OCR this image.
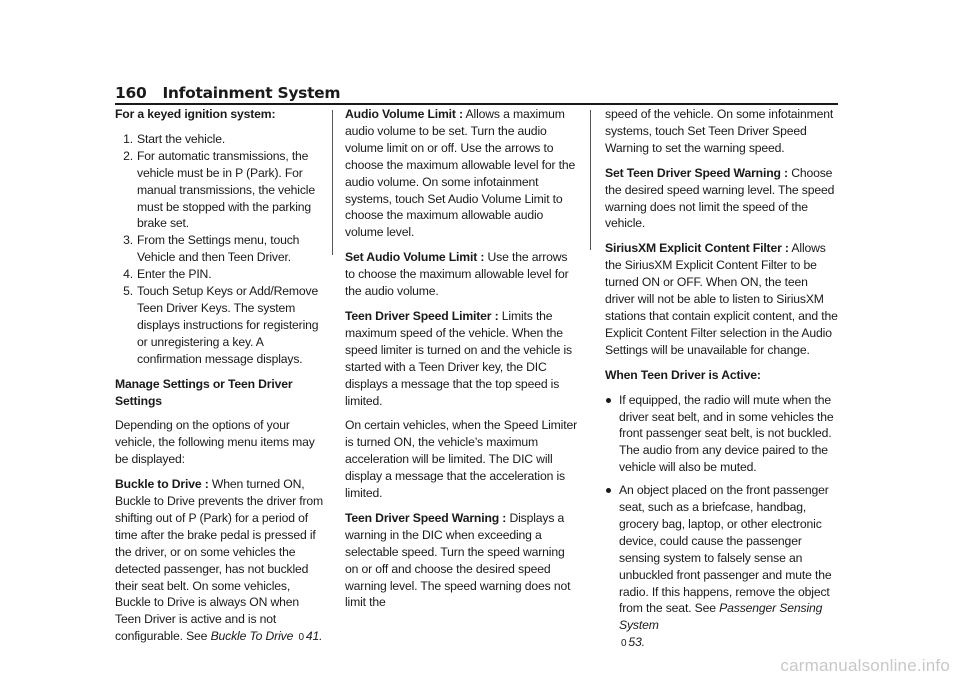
160 Infotainment System

For a keyed ignition system:

1. Start the vehicle.
2. For automatic transmissions, the vehicle must be in P (Park). For manual transmissions, the vehicle must be stopped with the parking brake set.
3. From the Settings menu, touch Vehicle and then Teen Driver.
4. Enter the PIN.
5. Touch Setup Keys or Add/Remove Teen Driver Keys. The system displays instructions for registering or unregistering a key. A confirmation message displays.

Manage Settings or Teen Driver Settings

Depending on the options of your vehicle, the following menu items may be displayed:

Buckle to Drive : When turned ON, Buckle to Drive prevents the driver from shifting out of P (Park) for a period of time after the brake pedal is pressed if the driver, or on some vehicles the detected passenger, has not buckled their seat belt. On some vehicles, Buckle to Drive is always ON when Teen Driver is active and is not configurable. See Buckle To Drive 0 41.

Audio Volume Limit : Allows a maximum audio volume to be set. Turn the audio volume limit on or off. Use the arrows to choose the maximum allowable level for the audio volume. On some infotainment systems, touch Set Audio Volume Limit to choose the maximum allowable audio volume level.

Set Audio Volume Limit : Use the arrows to choose the maximum allowable level for the audio volume.

Teen Driver Speed Limiter : Limits the maximum speed of the vehicle. When the speed limiter is turned on and the vehicle is started with a Teen Driver key, the DIC displays a message that the top speed is limited.

On certain vehicles, when the Speed Limiter is turned ON, the vehicle’s maximum acceleration will be limited. The DIC will display a message that the acceleration is limited.

Teen Driver Speed Warning : Displays a warning in the DIC when exceeding a selectable speed. Turn the speed warning on or off and choose the desired speed warning level. The speed warning does not limit the

speed of the vehicle. On some infotainment systems, touch Set Teen Driver Speed Warning to set the warning speed.

Set Teen Driver Speed Warning : Choose the desired speed warning level. The speed warning does not limit the speed of the vehicle.

SiriusXM Explicit Content Filter : Allows the SiriusXM Explicit Content Filter to be turned ON or OFF. When ON, the teen driver will not be able to listen to SiriusXM stations that contain explicit content, and the Explicit Content Filter selection in the Audio Settings will be unavailable for change.

When Teen Driver is Active:

If equipped, the radio will mute when the driver seat belt, and in some vehicles the front passenger seat belt, is not buckled. The audio from any device paired to the vehicle will also be muted.
An object placed on the front passenger seat, such as a briefcase, handbag, grocery bag, laptop, or other electronic device, could cause the passenger sensing system to falsely sense an unbuckled front passenger and mute the radio. If this happens, remove the object from the seat. See Passenger Sensing System
0 53.
carmanualsonline.info
